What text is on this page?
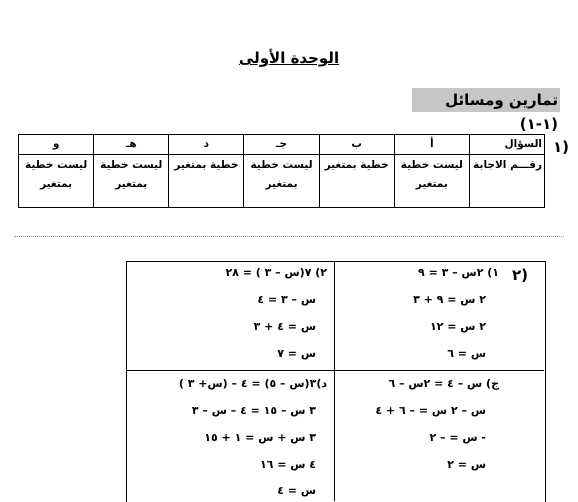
الوحدة الأولى
تمارين ومسائل (١-١)
١)
السؤال	أ	ب	جـ	د	هـ	و
رقـــم الاجابة	ليست خطية بمتغير	خطية بمتغير	ليست خطية بمتغير	خطية بمتغير	ليست خطية بمتغير	ليست خطية بمتغير
٢)
١) ٢س – ٣ = ٩
٢ س = ٩ + ٣
٢ س = ١٢
س = ٦
٢) ٧(س – ٣ ) = ٢٨
س – ٣ = ٤
س = ٤ + ٣
س = ٧
ج) س – ٤ = ٢س – ٦
س – ٢ س = – ٦ + ٤
- س = – ٢
س = ٢
د)٣(س – ٥) = ٤ – (س+ ٣ )
٣ س – ١٥ = ٤ – س – ٣
٣ س + س = ١ + ١٥
٤ س = ١٦
س = ٤
